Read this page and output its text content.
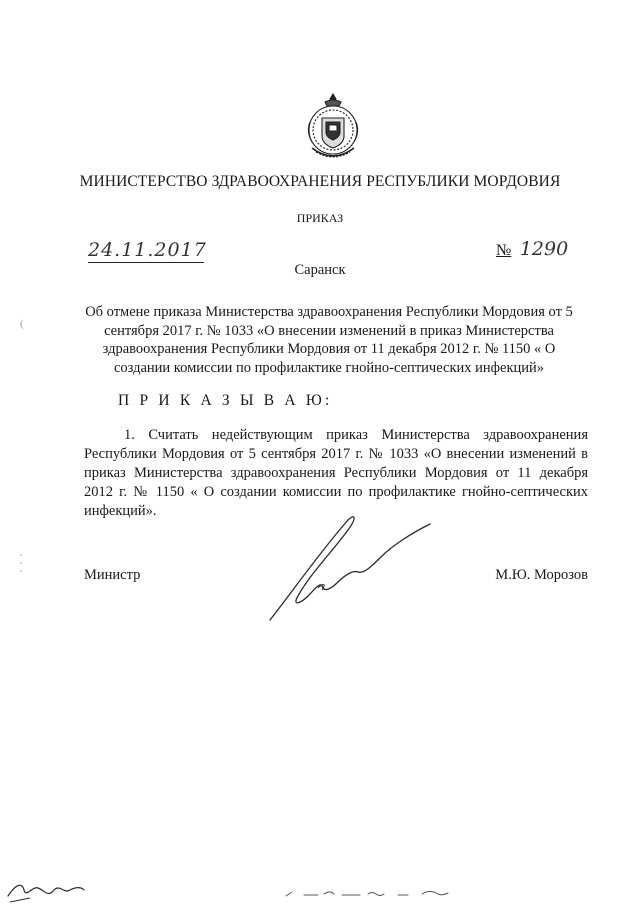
МИНИСТЕРСТВО ЗДРАВООХРАНЕНИЯ РЕСПУБЛИКИ МОРДОВИЯ
ПРИКАЗ
24.11.2017	№ 1290
Саранск
Об отмене приказа Министерства здравоохранения Республики Мордовия от 5 сентября 2017 г. № 1033 «О внесении изменений в приказ Министерства здравоохранения Республики Мордовия от 11 декабря 2012 г. № 1150 « О создании комиссии по профилактике гнойно-септических инфекций»
П Р И К А З Ы В А Ю:
1. Считать недействующим приказ Министерства здравоохранения Республики Мордовия от 5 сентября 2017 г. № 1033 «О внесении изменений в приказ Министерства здравоохранения Республики Мордовия от 11 декабря 2012 г. № 1150 « О создании комиссии по профилактике гнойно-септических инфекций».
Министр	М.Ю. Морозов
(
